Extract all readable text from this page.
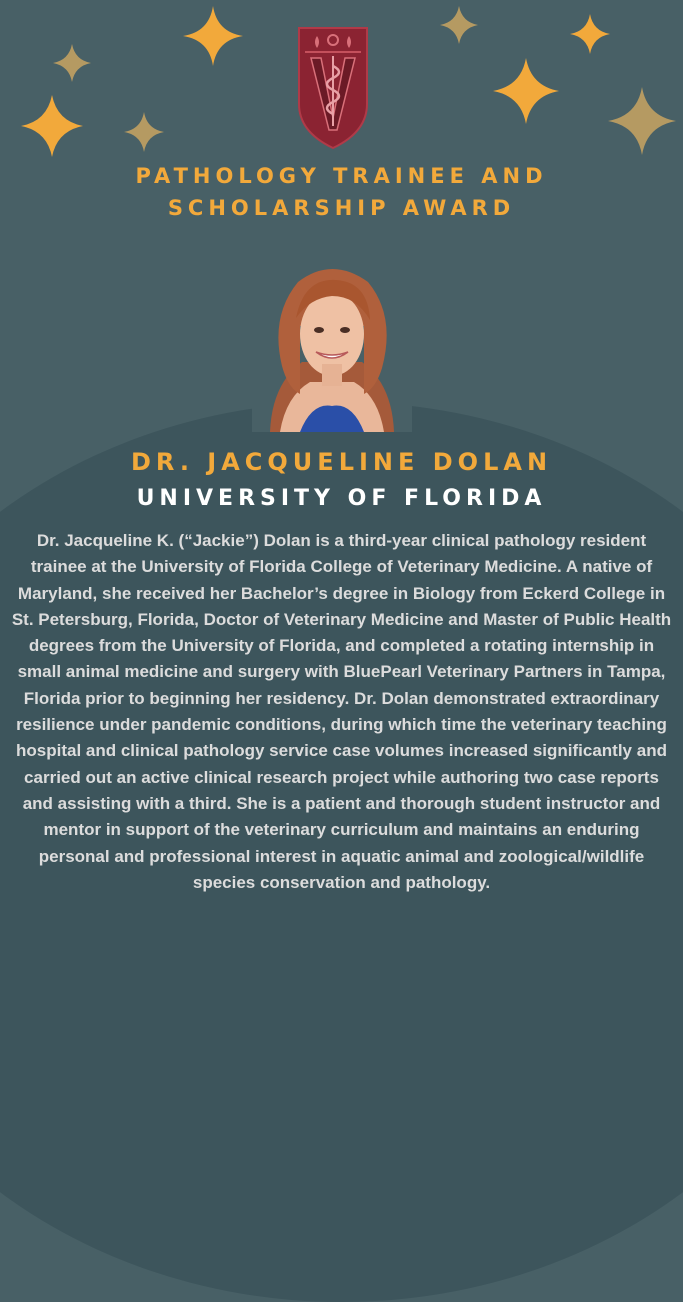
PATHOLOGY TRAINEE AND
SCHOLARSHIP AWARD
DR. JACQUELINE DOLAN
UNIVERSITY OF FLORIDA
Dr. Jacqueline K. (“Jackie”) Dolan is a third-year clinical pathology resident trainee at the University of Florida College of Veterinary Medicine. A native of Maryland, she received her Bachelor’s degree in Biology from Eckerd College in St. Petersburg, Florida, Doctor of Veterinary Medicine and Master of Public Health degrees from the University of Florida, and completed a rotating internship in small animal medicine and surgery with BluePearl Veterinary Partners in Tampa, Florida prior to beginning her residency. Dr. Dolan demonstrated extraordinary resilience under pandemic conditions, during which time the veterinary teaching hospital and clinical pathology service case volumes increased significantly and carried out an active clinical research project while authoring two case reports and assisting with a third. She is a patient and thorough student instructor and mentor in support of the veterinary curriculum and maintains an enduring personal and professional interest in aquatic animal and zoological/wildlife species conservation and pathology.
